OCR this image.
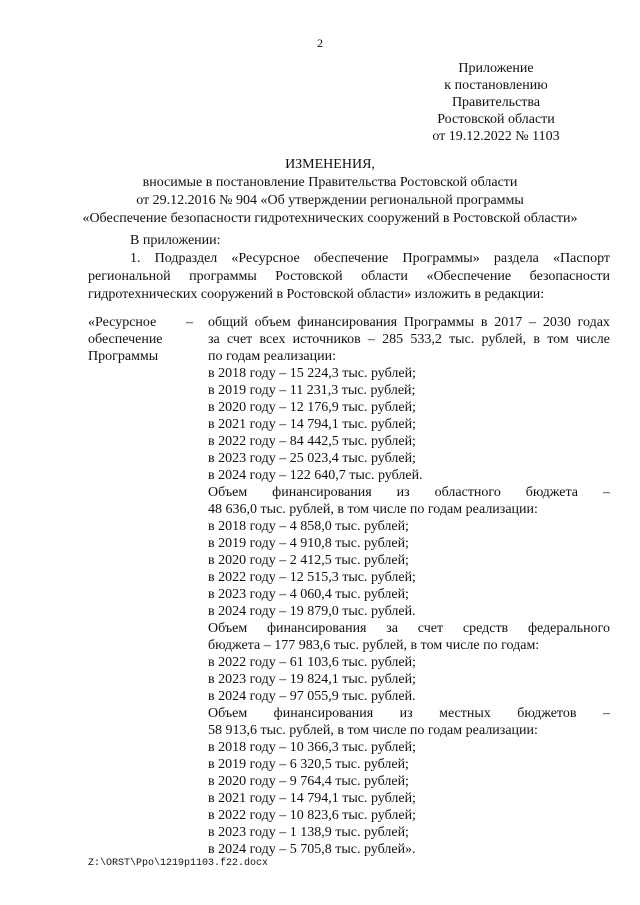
2
Приложение
к постановлению
Правительства
Ростовской области
от 19.12.2022 № 1103
ИЗМЕНЕНИЯ,
вносимые в постановление Правительства Ростовской области
от 29.12.2016 № 904 «Об утверждении региональной программы
«Обеспечение безопасности гидротехнических сооружений в Ростовской области»
В приложении:
1. Подраздел «Ресурсное обеспечение Программы» раздела «Паспорт региональной программы Ростовской области «Обеспечение безопасности гидротехнических сооружений в Ростовской области» изложить в редакции:
«Ресурсное
обеспечение
Программы
– общий объем финансирования Программы в 2017 – 2030 годах
за счет всех источников – 285 533,2 тыс. рублей, в том числе
по годам реализации:
в 2018 году – 15 224,3 тыс. рублей;
в 2019 году – 11 231,3 тыс. рублей;
в 2020 году – 12 176,9 тыс. рублей;
в 2021 году – 14 794,1 тыс. рублей;
в 2022 году – 84 442,5 тыс. рублей;
в 2023 году – 25 023,4 тыс. рублей;
в 2024 году – 122 640,7 тыс. рублей.
Объем финансирования из областного бюджета –
48 636,0 тыс. рублей, в том числе по годам реализации:
в 2018 году – 4 858,0 тыс. рублей;
в 2019 году – 4 910,8 тыс. рублей;
в 2020 году – 2 412,5 тыс. рублей;
в 2022 году – 12 515,3 тыс. рублей;
в 2023 году – 4 060,4 тыс. рублей;
в 2024 году – 19 879,0 тыс. рублей.
Объем финансирования за счет средств федерального
бюджета – 177 983,6 тыс. рублей, в том числе по годам:
в 2022 году – 61 103,6 тыс. рублей;
в 2023 году – 19 824,1 тыс. рублей;
в 2024 году – 97 055,9 тыс. рублей.
Объем финансирования из местных бюджетов –
58 913,6 тыс. рублей, в том числе по годам реализации:
в 2018 году – 10 366,3 тыс. рублей;
в 2019 году – 6 320,5 тыс. рублей;
в 2020 году – 9 764,4 тыс. рублей;
в 2021 году – 14 794,1 тыс. рублей;
в 2022 году – 10 823,6 тыс. рублей;
в 2023 году – 1 138,9 тыс. рублей;
в 2024 году – 5 705,8 тыс. рублей».
Z:\ORST\Ppo\1219p1103.f22.docx
